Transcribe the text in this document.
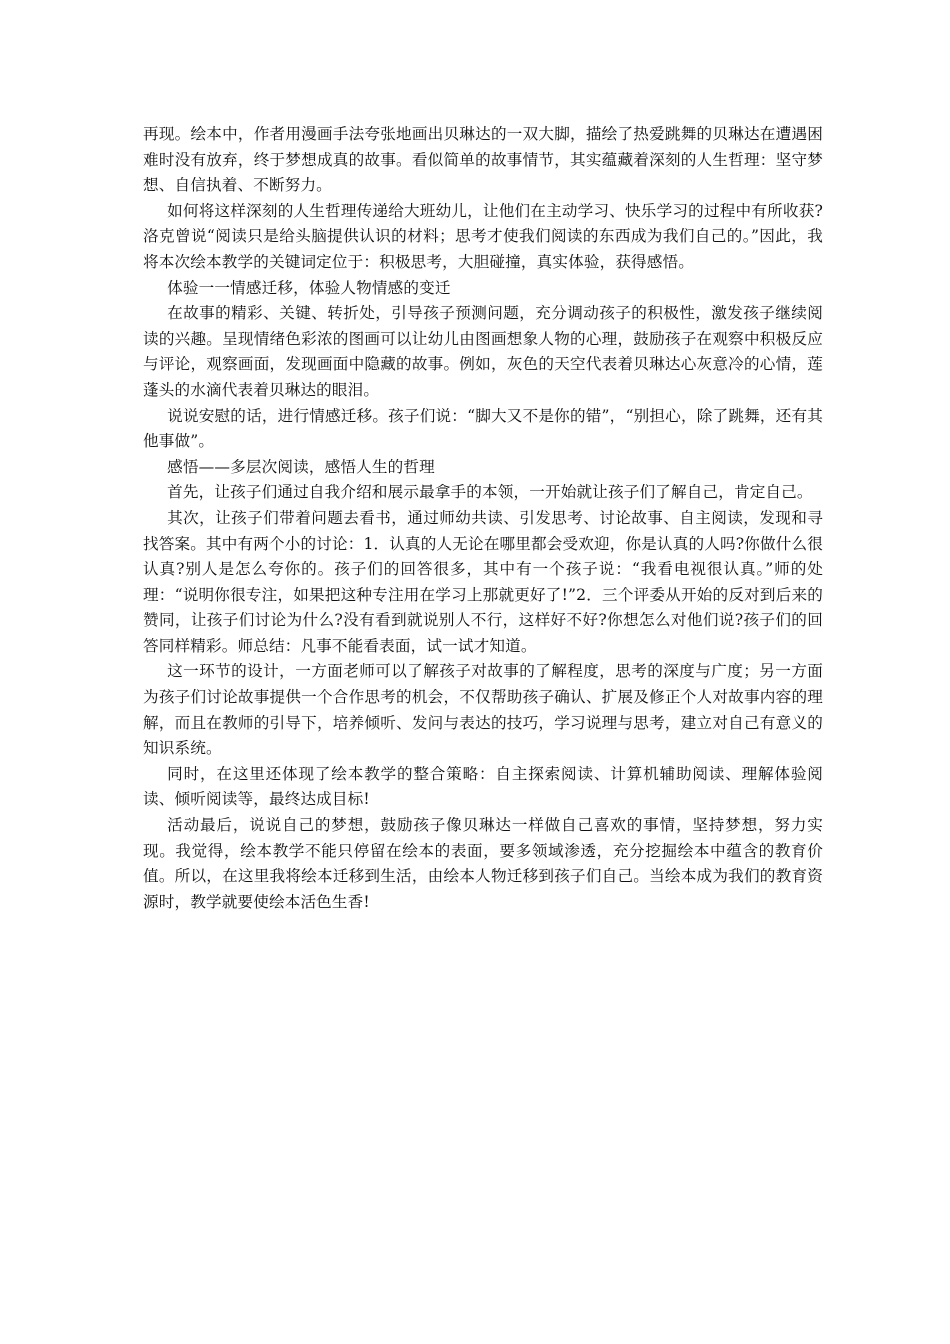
再现。绘本中，作者用漫画手法夸张地画出贝琳达的一双大脚，描绘了热爱跳舞的贝琳达在遭遇困难时没有放弃，终于梦想成真的故事。看似简单的故事情节，其实蕴藏着深刻的人生哲理：坚守梦想、自信执着、不断努力。

如何将这样深刻的人生哲理传递给大班幼儿，让他们在主动学习、快乐学习的过程中有所收获?洛克曾说“阅读只是给头脑提供认识的材料；思考才使我们阅读的东西成为我们自己的。”因此，我将本次绘本教学的关键词定位于：积极思考，大胆碰撞，真实体验，获得感悟。

体验一一情感迁移，体验人物情感的变迁

在故事的精彩、关键、转折处，引导孩子预测问题，充分调动孩子的积极性，激发孩子继续阅读的兴趣。呈现情绪色彩浓的图画可以让幼儿由图画想象人物的心理，鼓励孩子在观察中积极反应与评论，观察画面，发现画面中隐藏的故事。例如，灰色的天空代表着贝琳达心灰意冷的心情，莲蓬头的水滴代表着贝琳达的眼泪。

说说安慰的话，进行情感迁移。孩子们说：“脚大又不是你的错”，“别担心，除了跳舞，还有其他事做”。

感悟——多层次阅读，感悟人生的哲理

首先，让孩子们通过自我介绍和展示最拿手的本领，一开始就让孩子们了解自己，肯定自己。

其次，让孩子们带着问题去看书，通过师幼共读、引发思考、讨论故事、自主阅读，发现和寻找答案。其中有两个小的讨论：1．认真的人无论在哪里都会受欢迎，你是认真的人吗?你做什么很认真?别人是怎么夸你的。孩子们的回答很多，其中有一个孩子说：“我看电视很认真。”师的处理：“说明你很专注，如果把这种专注用在学习上那就更好了!”2．三个评委从开始的反对到后来的赞同，让孩子们讨论为什么?没有看到就说别人不行，这样好不好?你想怎么对他们说?孩子们的回答同样精彩。师总结：凡事不能看表面，试一试才知道。

这一环节的设计，一方面老师可以了解孩子对故事的了解程度，思考的深度与广度；另一方面为孩子们讨论故事提供一个合作思考的机会，不仅帮助孩子确认、扩展及修正个人对故事内容的理解，而且在教师的引导下，培养倾听、发问与表达的技巧，学习说理与思考，建立对自己有意义的知识系统。

同时，在这里还体现了绘本教学的整合策略：自主探索阅读、计算机辅助阅读、理解体验阅读、倾听阅读等，最终达成目标!

活动最后，说说自己的梦想，鼓励孩子像贝琳达一样做自己喜欢的事情，坚持梦想，努力实现。我觉得，绘本教学不能只停留在绘本的表面，要多领域渗透，充分挖掘绘本中蕴含的教育价值。所以，在这里我将绘本迁移到生活，由绘本人物迁移到孩子们自己。当绘本成为我们的教育资源时，教学就要使绘本活色生香!
